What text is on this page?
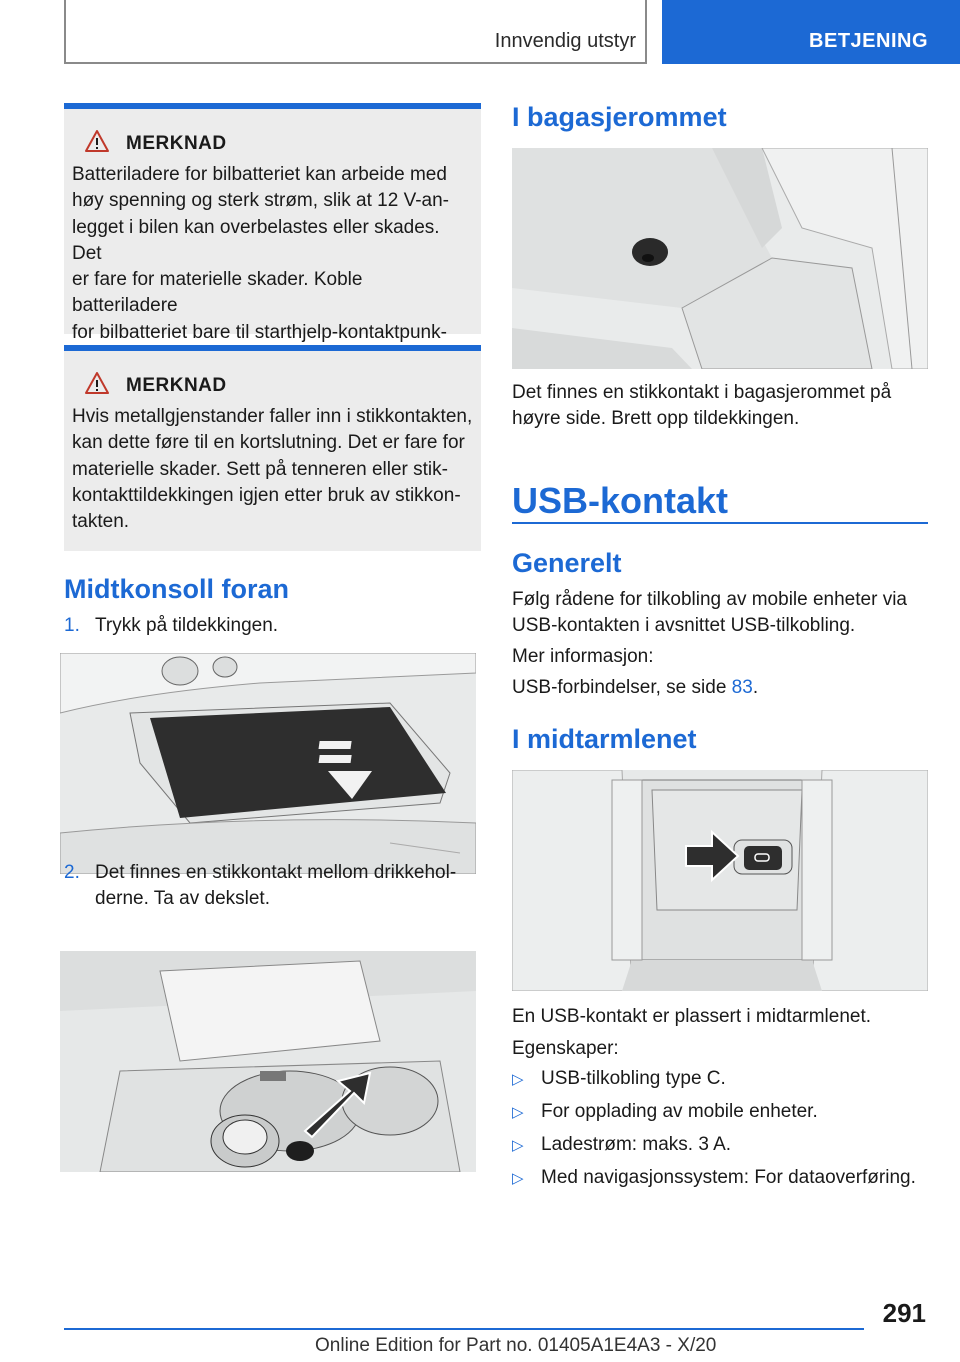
Innvendig utstyr	BETJENING
MERKNAD
Batteriladere for bilbatteriet kan arbeide med
høy spenning og sterk strøm, slik at 12 V-an-
legget i bilen kan overbelastes eller skades. Det
er fare for materielle skader. Koble batteriladere
for bilbatteriet bare til starthjelp-kontaktpunk-
MERKNAD
Hvis metallgjenstander faller inn i stikkontakten,
kan dette føre til en kortslutning. Det er fare for
materielle skader. Sett på tenneren eller stik-
kontakttildekkingen igjen etter bruk av stikkon-
takten.
Midtkonsoll foran
1. Trykk på tildekkingen.
2. Det finnes en stikkontakt mellom drikkehol-
derne. Ta av dekslet.
I bagasjerommet
Det finnes en stikkontakt i bagasjerommet på
høyre side. Brett opp tildekkingen.
USB-kontakt
Generelt
Følg rådene for tilkobling av mobile enheter via
USB-kontakten i avsnittet USB-tilkobling.
Mer informasjon:
USB-forbindelser, se side 83.
I midtarmlenet
En USB-kontakt er plassert i midtarmlenet.
Egenskaper:
▷ USB-tilkobling type C.
▷ For opplading av mobile enheter.
▷ Ladestrøm: maks. 3 A.
▷ Med navigasjonssystem: For dataoverføring.
291
Online Edition for Part no. 01405A1E4A3 - X/20
